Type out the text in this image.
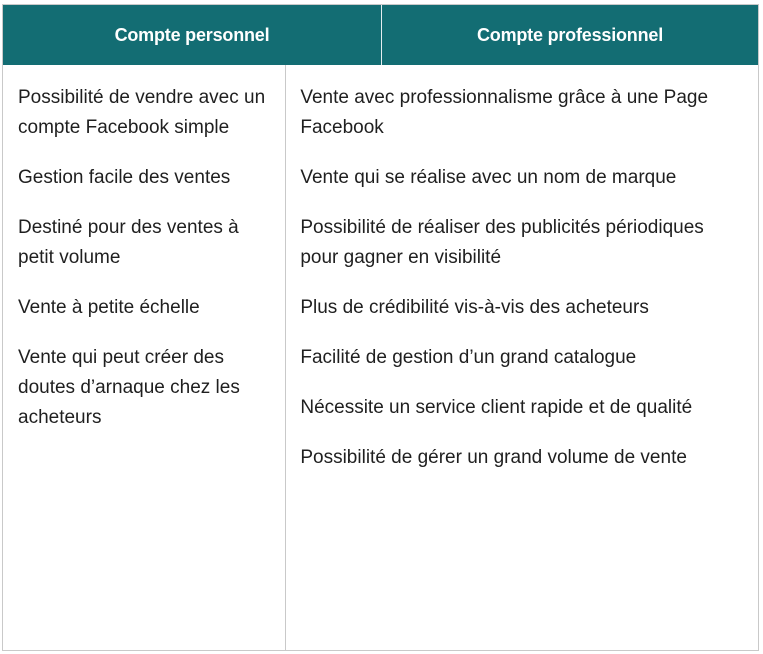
Compte personnel	Compte professionnel

Possibilité de vendre avec un compte Facebook simple

Gestion facile des ventes

Destiné pour des ventes à petit volume

Vente à petite échelle

Vente qui peut créer des doutes d’arnaque chez les acheteurs

Vente avec professionnalisme grâce à une Page Facebook

Vente qui se réalise avec un nom de marque

Possibilité de réaliser des publicités périodiques pour gagner en visibilité

Plus de crédibilité vis-à-vis des acheteurs

Facilité de gestion d’un grand catalogue

Nécessite un service client rapide et de qualité

Possibilité de gérer un grand volume de vente
